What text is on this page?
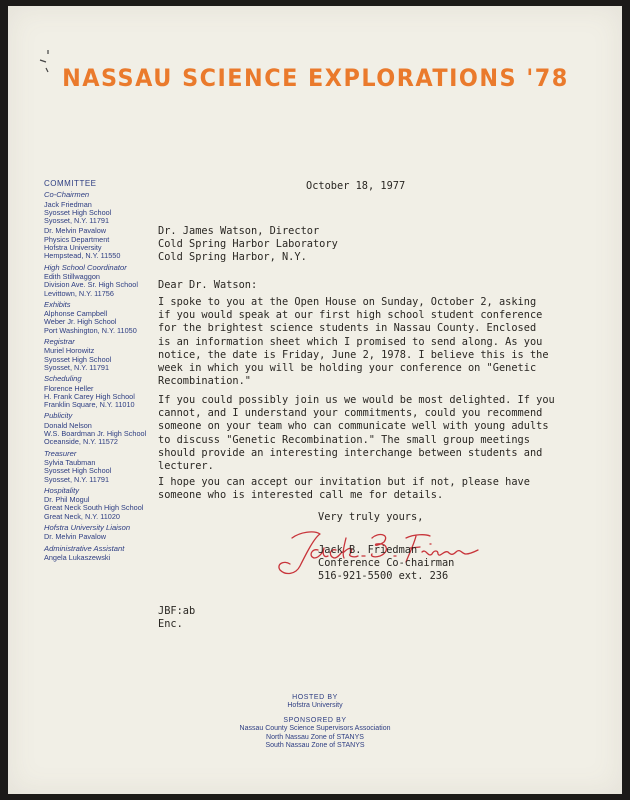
NASSAU SCIENCE EXPLORATIONS '78
COMMITTEE
Co-Chairmen
Jack Friedman
Syosset High School
Syosset, N.Y. 11791
Dr. Melvin Pavalow
Physics Department
Hofstra University
Hempstead, N.Y. 11550
High School Coordinator
Edith Stillwaggon
Division Ave. Sr. High School
Levittown, N.Y. 11756
Exhibits
Alphonse Campbell
Weber Jr. High School
Port Washington, N.Y. 11050
Registrar
Muriel Horowitz
Syosset High School
Syosset, N.Y. 11791
Scheduling
Florence Heller
H. Frank Carey High School
Franklin Square, N.Y. 11010
Publicity
Donald Nelson
W.S. Boardman Jr. High School
Oceanside, N.Y. 11572
Treasurer
Sylvia Taubman
Syosset High School
Syosset, N.Y. 11791
Hospitality
Dr. Phil Mogul
Great Neck South High School
Great Neck, N.Y. 11020
Hofstra University Liaison
Dr. Melvin Pavalow
Administrative Assistant
Angela Lukaszewski
October 18, 1977
Dr. James Watson, Director
Cold Spring Harbor Laboratory
Cold Spring Harbor, N.Y.
Dear Dr. Watson:
I spoke to you at the Open House on Sunday, October 2, asking
if you would speak at our first high school student conference
for the brightest science students in Nassau County. Enclosed
is an information sheet which I promised to send along. As you
notice, the date is Friday, June 2, 1978. I believe this is the
week in which you will be holding your conference on "Genetic
Recombination."
If you could possibly join us we would be most delighted. If you
cannot, and I understand your commitments, could you recommend
someone on your team who can communicate well with young adults
to discuss "Genetic Recombination." The small group meetings
should provide an interesting interchange between students and
lecturer.
I hope you can accept our invitation but if not, please have
someone who is interested call me for details.
Very truly yours,
Jack B. Friedman
Conference Co-chairman
516-921-5500 ext. 236
JBF:ab
Enc.
HOSTED BY
Hofstra University
SPONSORED BY
Nassau County Science Supervisors Association
North Nassau Zone of STANYS
South Nassau Zone of STANYS
